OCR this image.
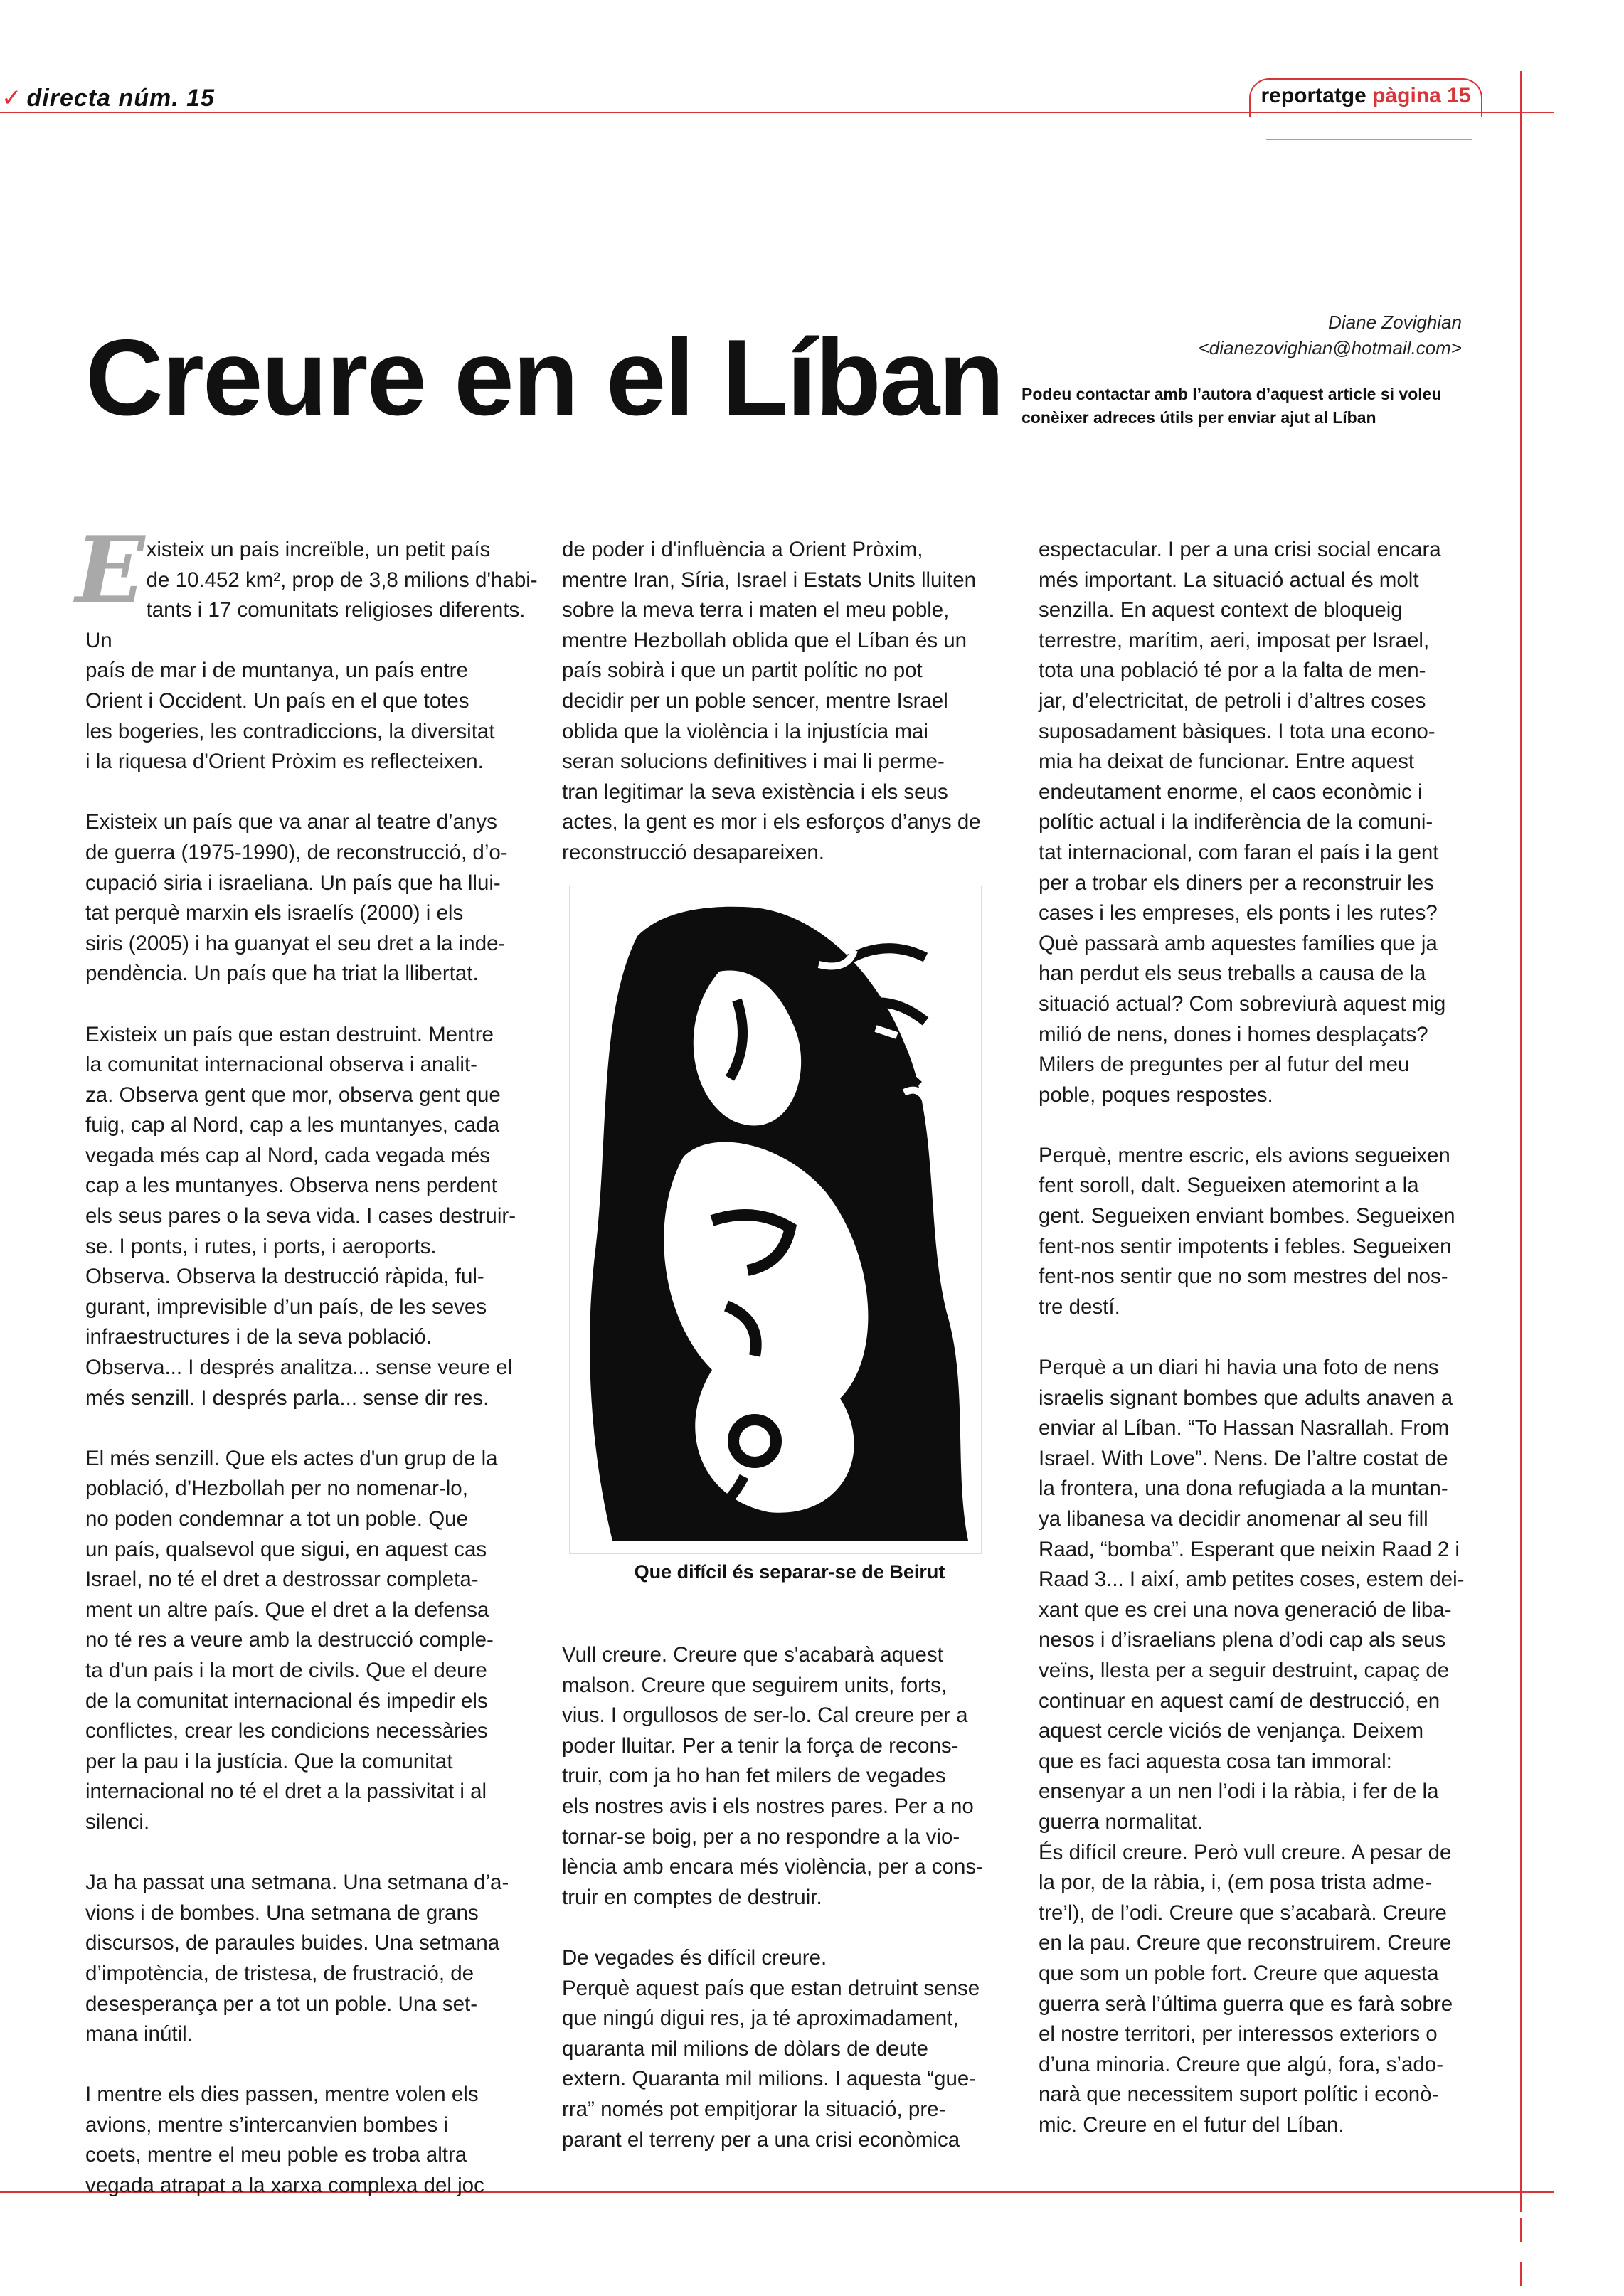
✓ directa núm. 15	reportatge pàgina 15
Creure en el Líban	Diane Zovighian
<dianezovighian@hotmail.com>
Podeu contactar amb l’autora d’aquest article si voleu conèixer adreces útils per enviar ajut al Líban

Existeix un país increïble, un petit país
de 10.452 km², prop de 3,8 milions d'habi-
tants i 17 comunitats religioses diferents. Un
país de mar i de muntanya, un país entre
Orient i Occident. Un país en el que totes
les bogeries, les contradiccions, la diversitat
i la riquesa d'Orient Pròxim es reflecteixen.

Existeix un país que va anar al teatre d’anys
de guerra (1975-1990), de reconstrucció, d’o-
cupació siria i israeliana. Un país que ha llui-
tat perquè marxin els israelís (2000) i els
siris (2005) i ha guanyat el seu dret a la inde-
pendència. Un país que ha triat la llibertat.

Existeix un país que estan destruint. Mentre
la comunitat internacional observa i analit-
za. Observa gent que mor, observa gent que
fuig, cap al Nord, cap a les muntanyes, cada
vegada més cap al Nord, cada vegada més
cap a les muntanyes. Observa nens perdent
els seus pares o la seva vida. I cases destruir-
se. I ponts, i rutes, i ports, i aeroports.
Observa. Observa la destrucció ràpida, ful-
gurant, imprevisible d’un país, de les seves
infraestructures i de la seva població.
Observa... I després analitza... sense veure el
més senzill. I després parla... sense dir res.

El més senzill. Que els actes d'un grup de la
població, d’Hezbollah per no nomenar-lo,
no poden condemnar a tot un poble. Que
un país, qualsevol que sigui, en aquest cas
Israel, no té el dret a destrossar completa-
ment un altre país. Que el dret a la defensa
no té res a veure amb la destrucció comple-
ta d'un país i la mort de civils. Que el deure
de la comunitat internacional és impedir els
conflictes, crear les condicions necessàries
per la pau i la justícia. Que la comunitat
internacional no té el dret a la passivitat i al
silenci.

Ja ha passat una setmana. Una setmana d’a-
vions i de bombes. Una setmana de grans
discursos, de paraules buides. Una setmana
d’impotència, de tristesa, de frustració, de
desesperança per a tot un poble. Una set-
mana inútil.

I mentre els dies passen, mentre volen els
avions, mentre s’intercanvien bombes i
coets, mentre el meu poble es troba altra
vegada atrapat a la xarxa complexa del joc

de poder i d'influència a Orient Pròxim,
mentre Iran, Síria, Israel i Estats Units lluiten
sobre la meva terra i maten el meu poble,
mentre Hezbollah oblida que el Líban és un
país sobirà i que un partit polític no pot
decidir per un poble sencer, mentre Israel
oblida que la violència i la injustícia mai
seran solucions definitives i mai li perme-
tran legitimar la seva existència i els seus
actes, la gent es mor i els esforços d’anys de
reconstrucció desapareixen.

Que difícil és separar-se de Beirut

Vull creure. Creure que s'acabarà aquest
malson. Creure que seguirem units, forts,
vius. I orgullosos de ser-lo. Cal creure per a
poder lluitar. Per a tenir la força de recons-
truir, com ja ho han fet milers de vegades
els nostres avis i els nostres pares. Per a no
tornar-se boig, per a no respondre a la vio-
lència amb encara més violència, per a cons-
truir en comptes de destruir.

De vegades és difícil creure.
Perquè aquest país que estan detruint sense
que ningú digui res, ja té aproximadament,
quaranta mil milions de dòlars de deute
extern. Quaranta mil milions. I aquesta “gue-
rra” només pot empitjorar la situació, pre-
parant el terreny per a una crisi econòmica

espectacular. I per a una crisi social encara
més important. La situació actual és molt
senzilla. En aquest context de bloqueig
terrestre, marítim, aeri, imposat per Israel,
tota una població té por a la falta de men-
jar, d’electricitat, de petroli i d’altres coses
suposadament bàsiques. I tota una econo-
mia ha deixat de funcionar. Entre aquest
endeutament enorme, el caos econòmic i
polític actual i la indiferència de la comuni-
tat internacional, com faran el país i la gent
per a trobar els diners per a reconstruir les
cases i les empreses, els ponts i les rutes?
Què passarà amb aquestes famílies que ja
han perdut els seus treballs a causa de la
situació actual? Com sobreviurà aquest mig
milió de nens, dones i homes desplaçats?
Milers de preguntes per al futur del meu
poble, poques respostes.

Perquè, mentre escric, els avions segueixen
fent soroll, dalt. Segueixen atemorint a la
gent. Segueixen enviant bombes. Segueixen
fent-nos sentir impotents i febles. Segueixen
fent-nos sentir que no som mestres del nos-
tre destí.

Perquè a un diari hi havia una foto de nens
israelis signant bombes que adults anaven a
enviar al Líban. “To Hassan Nasrallah. From
Israel. With Love”. Nens. De l’altre costat de
la frontera, una dona refugiada a la muntan-
ya libanesa va decidir anomenar al seu fill
Raad, “bomba”. Esperant que neixin Raad 2 i
Raad 3... I així, amb petites coses, estem dei-
xant que es crei una nova generació de liba-
nesos i d’israelians plena d’odi cap als seus
veïns, llesta per a seguir destruint, capaç de
continuar en aquest camí de destrucció, en
aquest cercle viciós de venjança. Deixem
que es faci aquesta cosa tan immoral:
ensenyar a un nen l’odi i la ràbia, i fer de la
guerra normalitat.

És difícil creure. Però vull creure. A pesar de
la por, de la ràbia, i, (em posa trista adme-
tre’l), de l’odi. Creure que s’acabarà. Creure
en la pau. Creure que reconstruirem. Creure
que som un poble fort. Creure que aquesta
guerra serà l’última guerra que es farà sobre
el nostre territori, per interessos exteriors o
d’una minoria. Creure que algú, fora, s’ado-
narà que necessitem suport polític i econò-
mic. Creure en el futur del Líban.
